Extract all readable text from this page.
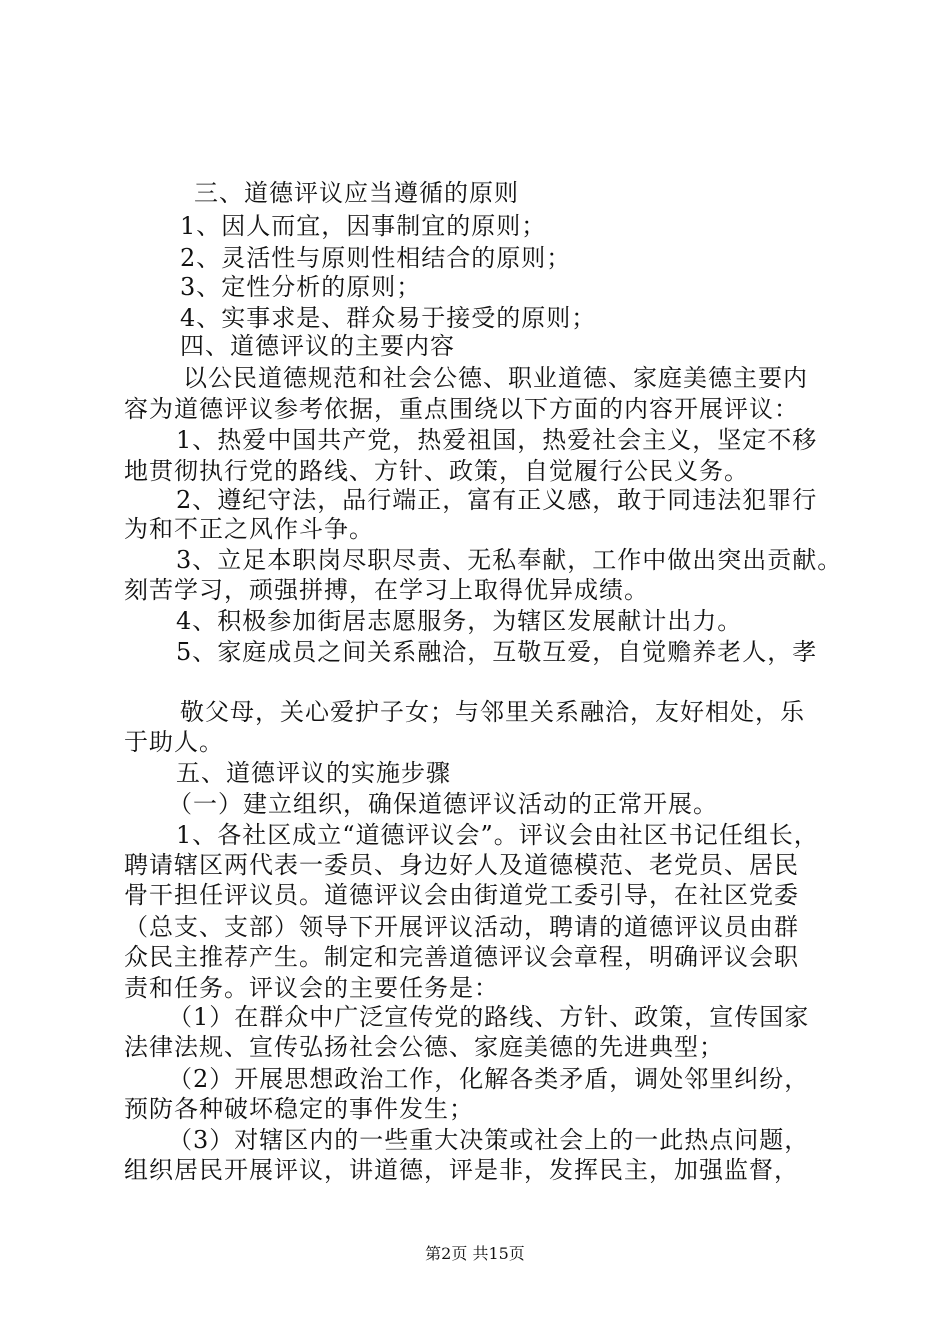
三、道德评议应当遵循的原则
1、因人而宜，因事制宜的原则；
2、灵活性与原则性相结合的原则；
3、定性分析的原则；
4、实事求是、群众易于接受的原则；
四、道德评议的主要内容
以公民道德规范和社会公德、职业道德、家庭美德主要内
容为道德评议参考依据，重点围绕以下方面的内容开展评议：
1、热爱中国共产党，热爱祖国，热爱社会主义，坚定不移
地贯彻执行党的路线、方针、政策，自觉履行公民义务。
2、遵纪守法，品行端正，富有正义感，敢于同违法犯罪行
为和不正之风作斗争。
3、立足本职岗尽职尽责、无私奉献，工作中做出突出贡献。
刻苦学习，顽强拼搏，在学习上取得优异成绩。
4、积极参加街居志愿服务，为辖区发展献计出力。
5、家庭成员之间关系融洽，互敬互爱，自觉赡养老人，孝
敬父母，关心爱护子女；与邻里关系融洽，友好相处，乐
于助人。
五、道德评议的实施步骤
（一）建立组织，确保道德评议活动的正常开展。
1、各社区成立“道德评议会”。评议会由社区书记任组长，
聘请辖区两代表一委员、身边好人及道德模范、老党员、居民
骨干担任评议员。道德评议会由街道党工委引导，在社区党委
（总支、支部）领导下开展评议活动，聘请的道德评议员由群
众民主推荐产生。制定和完善道德评议会章程，明确评议会职
责和任务。评议会的主要任务是：
（1）在群众中广泛宣传党的路线、方针、政策，宣传国家
法律法规、宣传弘扬社会公德、家庭美德的先进典型；
（2）开展思想政治工作，化解各类矛盾，调处邻里纠纷，
预防各种破坏稳定的事件发生；
（3）对辖区内的一些重大决策或社会上的一此热点问题，
组织居民开展评议，讲道德，评是非，发挥民主，加强监督，
第2页 共15页
